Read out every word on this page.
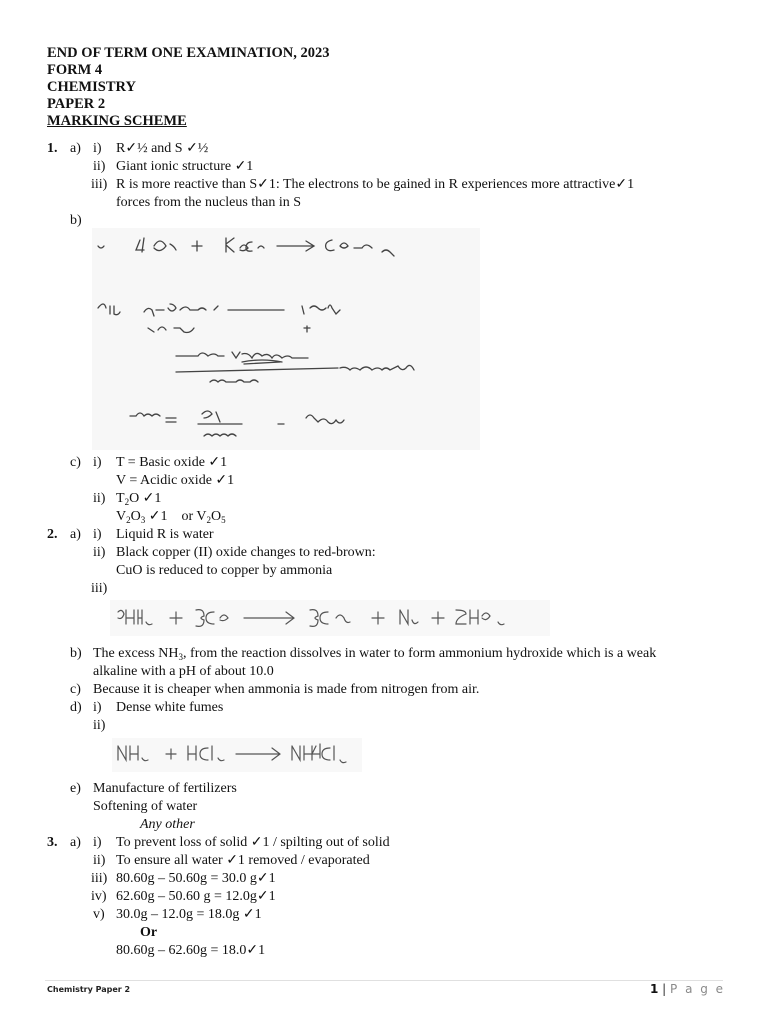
END OF TERM ONE EXAMINATION, 2023
FORM 4
CHEMISTRY
PAPER 2
MARKING SCHEME
1. a) i) R✓½ and S ✓½
ii) Giant ionic structure ✓1
iii) R is more reactive than S✓1: The electrons to be gained in R experiences more attractive✓1
forces from the nucleus than in S
b)
c) i) T = Basic oxide ✓1
V = Acidic oxide ✓1
ii) $T_2O$ ✓1
$V_2O_3$ ✓1    or $V_2O_5$
2. a) i) Liquid R is water
ii) Black copper (II) oxide changes to red-brown:
CuO is reduced to copper by ammonia
iii)
b) The excess $NH_3$, from the reaction dissolves in water to form ammonium hydroxide which is a weak
alkaline with a pH of about 10.0
c) Because it is cheaper when ammonia is made from nitrogen from air.
d) i) Dense white fumes
ii)
e) Manufacture of fertilizers
Softening of water
Any other
3. a) i) To prevent loss of solid ✓1 / spilting out of solid
ii) To ensure all water ✓1 removed / evaporated
iii) 80.60g – 50.60g = 30.0 g✓1
iv) 62.60g – 50.60 g = 12.0g✓1
v) 30.0g – 12.0g = 18.0g ✓1
Or
80.60g – 62.60g = 18.0✓1
Chemistry Paper 2	1 | P a g e
